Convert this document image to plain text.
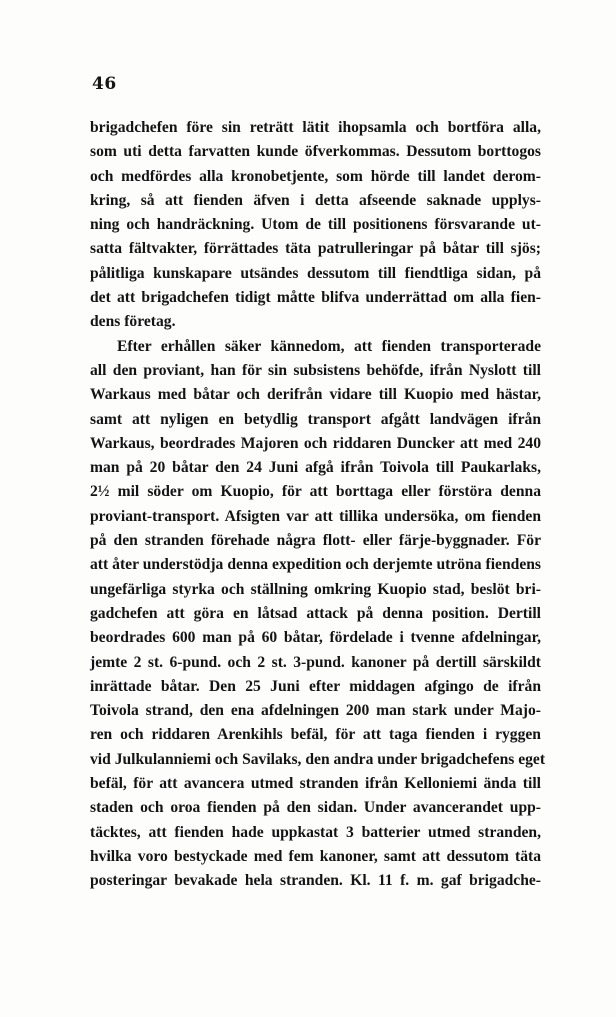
46
brigadchefen före sin reträtt lätit ihopsamla och bortföra alla,
som uti detta farvatten kunde öfverkommas. Dessutom borttogos
och medfördes alla kronobetjente, som hörde till landet derom-
kring, så att fienden äfven i detta afseende saknade upplys-
ning och handräckning. Utom de till positionens försvarande ut-
satta fältvakter, förrättades täta patrulleringar på båtar till sjös;
pålitliga kunskapare utsändes dessutom till fiendtliga sidan, på
det att brigadchefen tidigt måtte blifva underrättad om alla fien-
dens företag.
Efter erhållen säker kännedom, att fienden transporterade
all den proviant, han för sin subsistens behöfde, ifrån Nyslott till
Warkaus med båtar och derifrån vidare till Kuopio med hästar,
samt att nyligen en betydlig transport afgått landvägen ifrån
Warkaus, beordrades Majoren och riddaren Duncker att med 240
man på 20 båtar den 24 Juni afgå ifrån Toivola till Paukarlaks,
2½ mil söder om Kuopio, för att borttaga eller förstöra denna
proviant-transport. Afsigten var att tillika undersöka, om fienden
på den stranden förehade några flott- eller färje-byggnader. För
att åter understödja denna expedition och derjemte utröna fiendens
ungefärliga styrka och ställning omkring Kuopio stad, beslöt bri-
gadchefen att göra en låtsad attack på denna position. Dertill
beordrades 600 man på 60 båtar, fördelade i tvenne afdelningar,
jemte 2 st. 6-pund. och 2 st. 3-pund. kanoner på dertill särskildt
inrättade båtar. Den 25 Juni efter middagen afgingo de ifrån
Toivola strand, den ena afdelningen 200 man stark under Majo-
ren och riddaren Arenkihls befäl, för att taga fienden i ryggen
vid Julkulanniemi och Savilaks, den andra under brigadchefens eget
befäl, för att avancera utmed stranden ifrån Kelloniemi ända till
staden och oroa fienden på den sidan. Under avancerandet upp-
täcktes, att fienden hade uppkastat 3 batterier utmed stranden,
hvilka voro bestyckade med fem kanoner, samt att dessutom täta
posteringar bevakade hela stranden. Kl. 11 f. m. gaf brigadche-
